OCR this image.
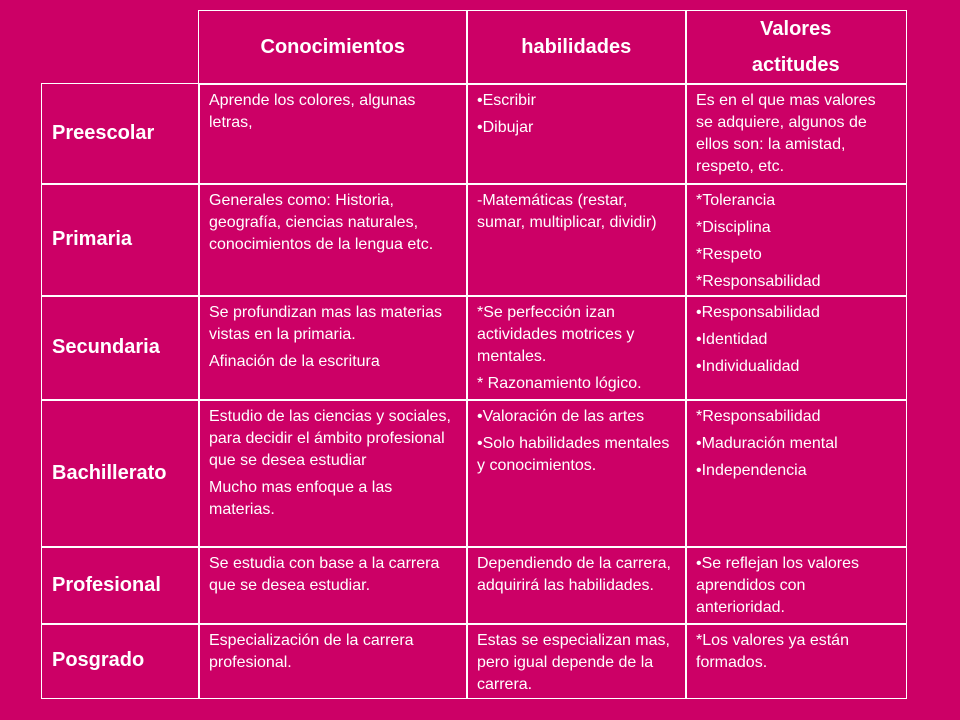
Conocimientos	habilidades
Valores actitudes
Preescolar

Aprende los colores, algunas letras,

•Escribir

•Dibujar

Es en el que mas valores se adquiere, algunos de ellos son: la amistad, respeto, etc.

Primaria

Generales como: Historia, geografía, ciencias naturales, conocimientos de la lengua etc.

-Matemáticas (restar, sumar, multiplicar, dividir)

*Tolerancia

*Disciplina

*Respeto

*Responsabilidad

Secundaria

Se profundizan mas las materias vistas en la primaria.

Afinación de la escritura

*Se perfección izan actividades motrices y mentales.

* Razonamiento lógico.

•Responsabilidad

•Identidad

•Individualidad

Bachillerato

Estudio de las ciencias y sociales, para decidir el ámbito profesional que se desea estudiar

Mucho mas enfoque a las materias.

•Valoración de las artes

•Solo habilidades mentales y conocimientos.

*Responsabilidad

•Maduración mental

•Independencia

Profesional

Se estudia con base a la carrera que se desea estudiar.

Dependiendo de la carrera, adquirirá las habilidades.

•Se reflejan los valores aprendidos con anterioridad.

Posgrado

Especialización de la carrera profesional.

Estas se especializan mas, pero igual depende de la carrera.

*Los valores ya están formados.
